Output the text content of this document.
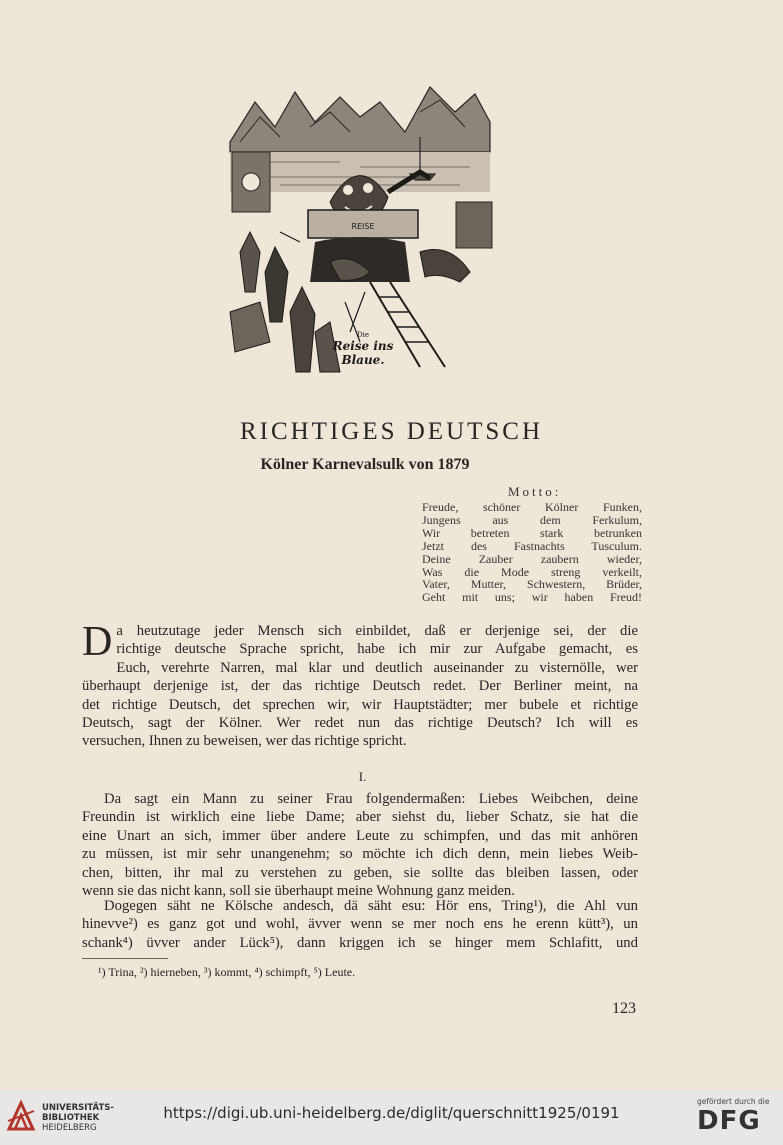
REISE
Die
Reise ins Blaue.
RICHTIGES DEUTSCH
Kölner Karnevalsulk von 1879
Motto:
Freude, schöner Kölner Funken,
Jungens aus dem Ferkulum,
Wir betreten stark betrunken
Jetzt des Fastnachts Tusculum.
Deine Zauber zaubern wieder,
Was die Mode streng verkeilt,
Vater, Mutter, Schwestern, Brüder,
Geht mit uns; wir haben Freud!
D a heutzutage jeder Mensch sich einbildet, daß er derjenige sei, der die
richtige deutsche Sprache spricht, habe ich mir zur Aufgabe gemacht, es
Euch, verehrte Narren, mal klar und deutlich auseinander zu visternölle, wer
überhaupt derjenige ist, der das richtige Deutsch redet. Der Berliner meint, na
det richtige Deutsch, det sprechen wir, wir Hauptstädter; mer bubele et richtige
Deutsch, sagt der Kölner. Wer redet nun das richtige Deutsch? Ich will es
versuchen, Ihnen zu beweisen, wer das richtige spricht.
I.
Da sagt ein Mann zu seiner Frau folgendermaßen: Liebes Weibchen, deine
Freundin ist wirklich eine liebe Dame; aber siehst du, lieber Schatz, sie hat die
eine Unart an sich, immer über andere Leute zu schimpfen, und das mit anhören
zu müssen, ist mir sehr unangenehm; so möchte ich dich denn, mein liebes Weib-
chen, bitten, ihr mal zu verstehen zu geben, sie sollte das bleiben lassen, oder
wenn sie das nicht kann, soll sie überhaupt meine Wohnung ganz meiden.
Dogegen säht ne Kölsche andesch, dä säht esu: Hör ens, Tring¹), die Ahl vun
hinevve²) es ganz got und wohl, ävver wenn se mer noch ens he erenn kütt³), un
schank⁴) üvver ander Lück⁵), dann kriggen ich se hinger mem Schlafitt, und
¹) Trina, ²) hierneben, ³) kommt, ⁴) schimpft, ⁵) Leute.
123
UNIVERSITÄTS-
BIBLIOTHEK
HEIDELBERG
https://digi.ub.uni-heidelberg.de/diglit/querschnitt1925/0191
gefördert durch die
DFG
